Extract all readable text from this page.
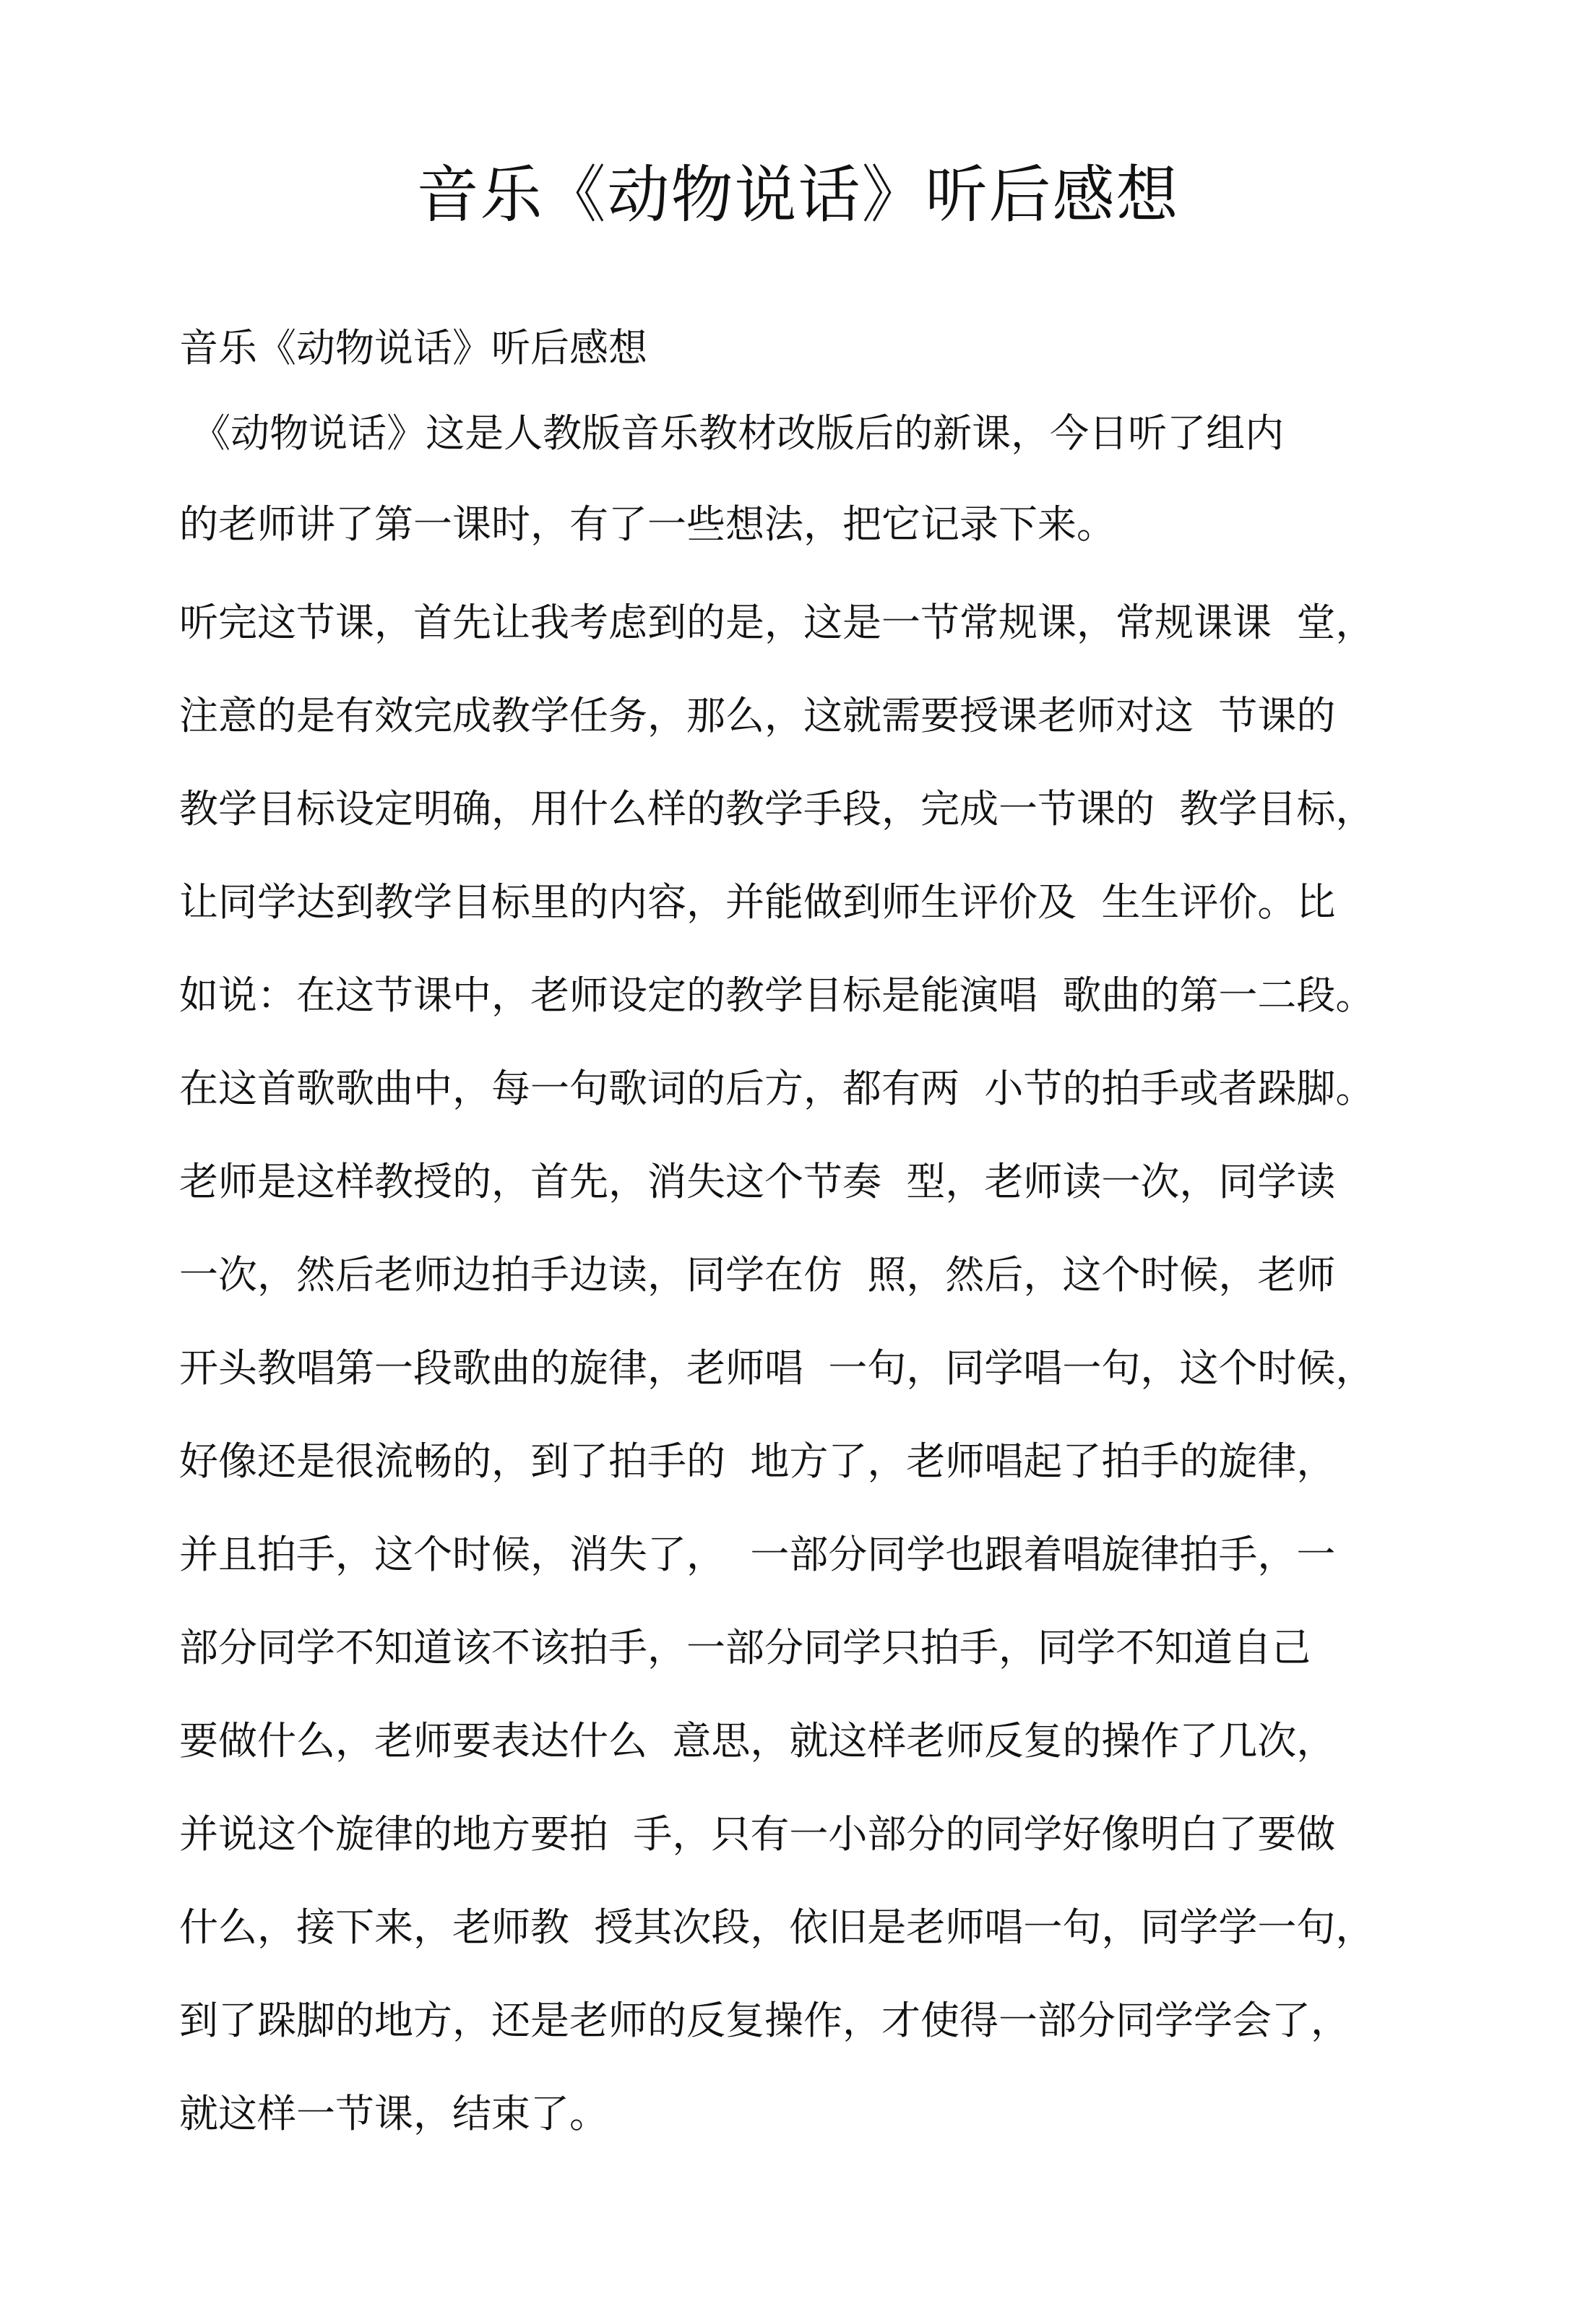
音乐《动物说话》听后感想

音乐《动物说话》听后感想

《动物说话》这是人教版音乐教材改版后的新课，今日听了组内

的老师讲了第一课时，有了一些想法，把它记录下来。

听完这节课，首先让我考虑到的是，这是一节常规课，常规课课  堂，

注意的是有效完成教学任务，那么，这就需要授课老师对这  节课的

教学目标设定明确，用什么样的教学手段，完成一节课的  教学目标，

让同学达到教学目标里的内容，并能做到师生评价及  生生评价。比

如说：在这节课中，老师设定的教学目标是能演唱  歌曲的第一二段。

在这首歌歌曲中，每一句歌词的后方，都有两  小节的拍手或者跺脚。

老师是这样教授的，首先，消失这个节奏  型，老师读一次，同学读

一次，然后老师边拍手边读，同学在仿  照，然后，这个时候，老师

开头教唱第一段歌曲的旋律，老师唱  一句，同学唱一句，这个时候，

好像还是很流畅的，到了拍手的  地方了，老师唱起了拍手的旋律，

并且拍手，这个时候，消失了，  一部分同学也跟着唱旋律拍手，一

部分同学不知道该不该拍手，一部分同学只拍手，同学不知道自己

要做什么，老师要表达什么  意思，就这样老师反复的操作了几次，

并说这个旋律的地方要拍  手，只有一小部分的同学好像明白了要做

什么，接下来，老师教  授其次段，依旧是老师唱一句，同学学一句，

到了跺脚的地方，还是老师的反复操作，才使得一部分同学学会了，

就这样一节课，结束了。
